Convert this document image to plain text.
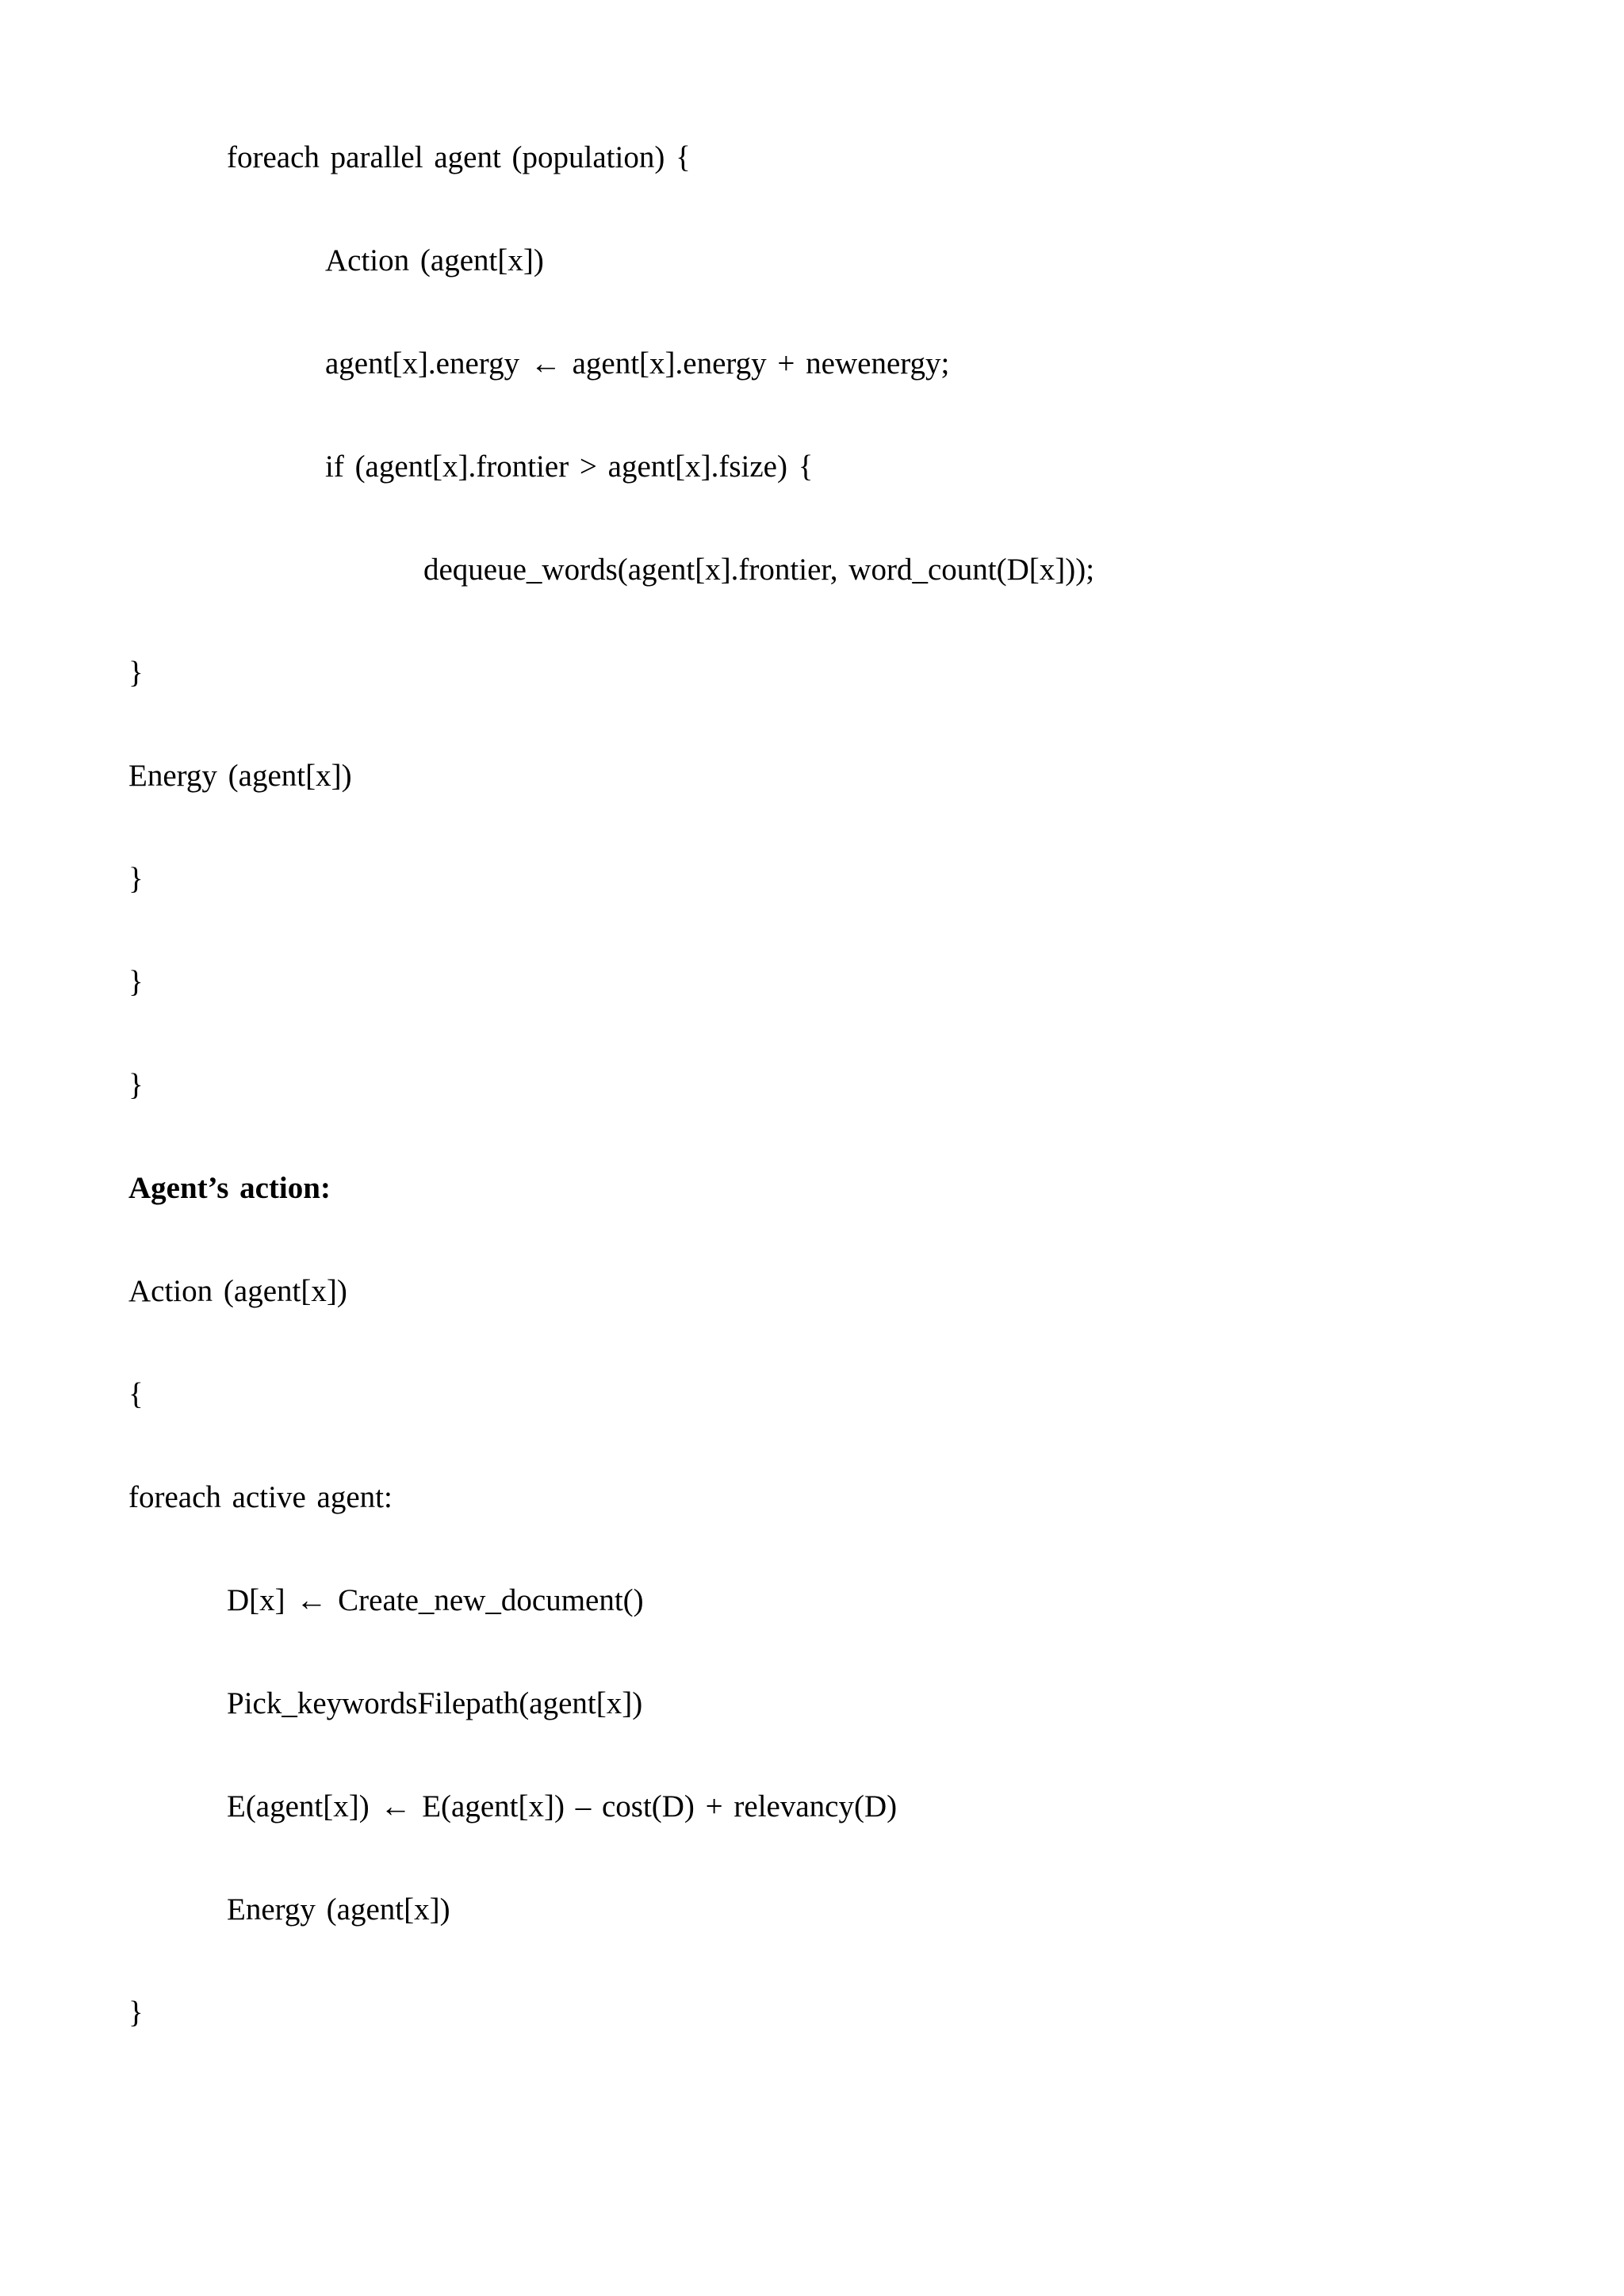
foreach parallel agent (population) {
Action (agent[x])
agent[x].energy ← agent[x].energy + newenergy;
if (agent[x].frontier > agent[x].fsize) {
dequeue_words(agent[x].frontier, word_count(D[x]));
}
Energy (agent[x])
}
}
}
Agent’s action:
Action (agent[x])
{
foreach active agent:
D[x] ← Create_new_document()
Pick_keywordsFilepath(agent[x])
E(agent[x]) ← E(agent[x]) – cost(D) + relevancy(D)
Energy (agent[x])
}
